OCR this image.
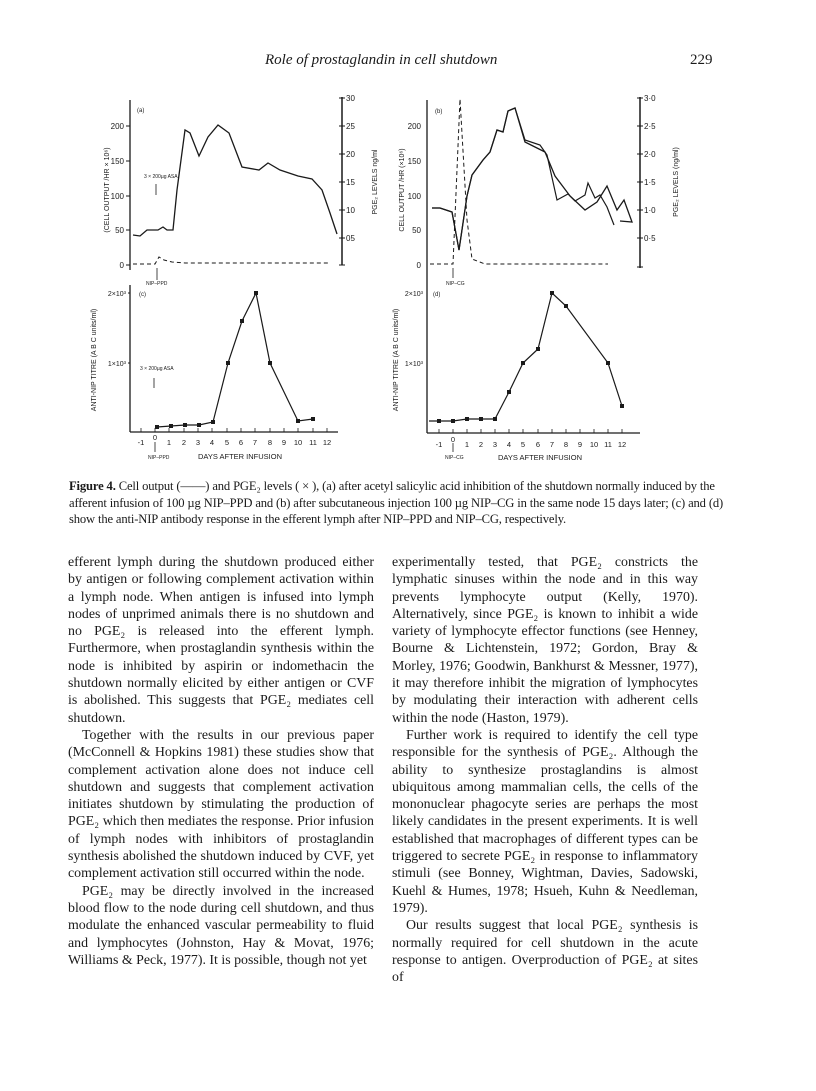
Role of prostaglandin in cell shutdown	229
200
150
100
50
0
30
25
20
15
10
05
(a)
(CELL OUTPUT /HR × 10⁶)	PGE₂ LEVELS ng/ml
3 × 200µg ASA
NIP–PPD
-1
0
1 2 3 4 5 6 7 8 9 10 11 12
NIP–PPD	DAYS AFTER INFUSION
2×10³
1×10³
(c)
ANTI-NIP TITRE (A B C units/ml)	3 × 200µg ASA
200
150
100
50
0
3·0
2·5
2·0
1·5
1·0
0·5
(b)
CELL OUTPUT /HR (×10⁶)	PGE₂ LEVELS (ng/ml)
NIP–CG
-1
0
1 2 3 4 5 6 7 8 9 10 11 12
NIP–CG	DAYS AFTER INFUSION
2×10³
1×10³
(d)
ANTI-NIP TITRE (A B C units/ml)
Figure 4. Cell output (——) and PGE₂ levels ( × ), (a) after acetyl salicylic acid inhibition of the shutdown normally induced by the afferent infusion of 100 µg NIP–PPD and (b) after subcutaneous injection 100 µg NIP–CG in the same node 15 days later; (c) and (d) show the anti-NIP antibody response in the efferent lymph after NIP–PPD and NIP–CG, respectively.

efferent lymph during the shutdown produced either by antigen or following complement activation within a lymph node. When antigen is infused into lymph nodes of unprimed animals there is no shutdown and no PGE₂ is released into the efferent lymph. Furthermore, when prostaglandin synthesis within the node is inhibited by aspirin or indomethacin the shutdown normally elicited by either antigen or CVF is abolished. This suggests that PGE₂ mediates cell shutdown.

Together with the results in our previous paper (McConnell & Hopkins 1981) these studies show that complement activation alone does not induce cell shutdown and suggests that complement activation initiates shutdown by stimulating the production of PGE₂ which then mediates the response. Prior infusion of lymph nodes with inhibitors of prostaglandin synthesis abolished the shutdown induced by CVF, yet complement activation still occurred within the node.

PGE₂ may be directly involved in the increased blood flow to the node during cell shutdown, and thus modulate the enhanced vascular permeability to fluid and lymphocytes (Johnston, Hay & Movat, 1976; Williams & Peck, 1977). It is possible, though not yet

experimentally tested, that PGE₂ constricts the lymphatic sinuses within the node and in this way prevents lymphocyte output (Kelly, 1970). Alternatively, since PGE₂ is known to inhibit a wide variety of lymphocyte effector functions (see Henney, Bourne & Lichtenstein, 1972; Gordon, Bray & Morley, 1976; Goodwin, Bankhurst & Messner, 1977), it may therefore inhibit the migration of lymphocytes by modulating their interaction with adherent cells within the node (Haston, 1979).

Further work is required to identify the cell type responsible for the synthesis of PGE₂. Although the ability to synthesize prostaglandins is almost ubiquitous among mammalian cells, the cells of the mononuclear phagocyte series are perhaps the most likely candidates in the present experiments. It is well established that macrophages of different types can be triggered to secrete PGE₂ in response to inflammatory stimuli (see Bonney, Wightman, Davies, Sadowski, Kuehl & Humes, 1978; Hsueh, Kuhn & Needleman, 1979).

Our results suggest that local PGE₂ synthesis is normally required for cell shutdown in the acute response to antigen. Overproduction of PGE₂ at sites of
